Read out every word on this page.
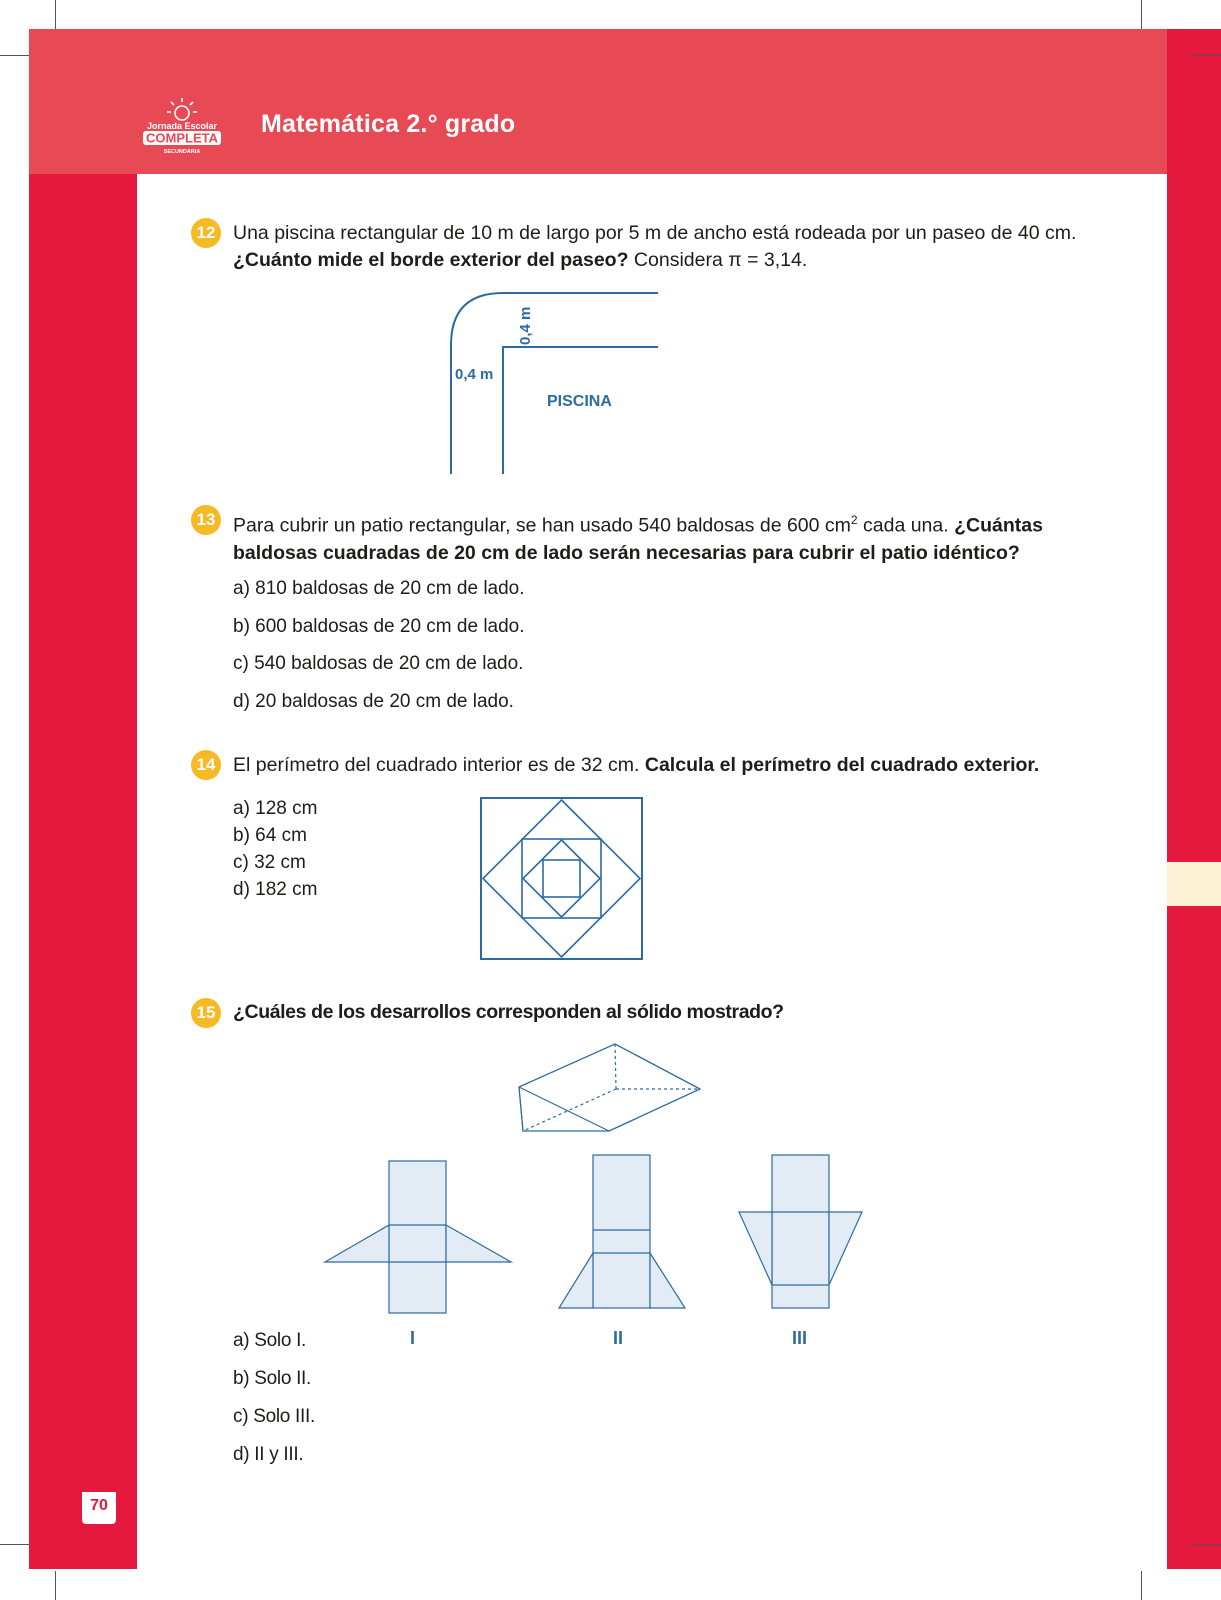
Jornada Escolar
COMPLETA
SECUNDARIA
Matemática 2.° grado
12 Una piscina rectangular de 10 m de largo por 5 m de ancho está rodeada por un paseo de 40 cm.
¿Cuánto mide el borde exterior del paseo? Considera π = 3,14.
0,4 m
0,4 m
PISCINA
13 Para cubrir un patio rectangular, se han usado 540 baldosas de 600 $cm^2$ cada una. ¿Cuántas
baldosas cuadradas de 20 cm de lado serán necesarias para cubrir el patio idéntico?
a) 810 baldosas de 20 cm de lado.
b) 600 baldosas de 20 cm de lado.
c) 540 baldosas de 20 cm de lado.
d) 20 baldosas de 20 cm de lado.
14 El perímetro del cuadrado interior es de 32 cm. Calcula el perímetro del cuadrado exterior.
a) 128 cm
b) 64 cm
c) 32 cm
d) 182 cm
15 ¿Cuáles de los desarrollos corresponden al sólido mostrado?
I	II	III
a) Solo I.
b) Solo II.
c) Solo III.
d) II y III.
70
